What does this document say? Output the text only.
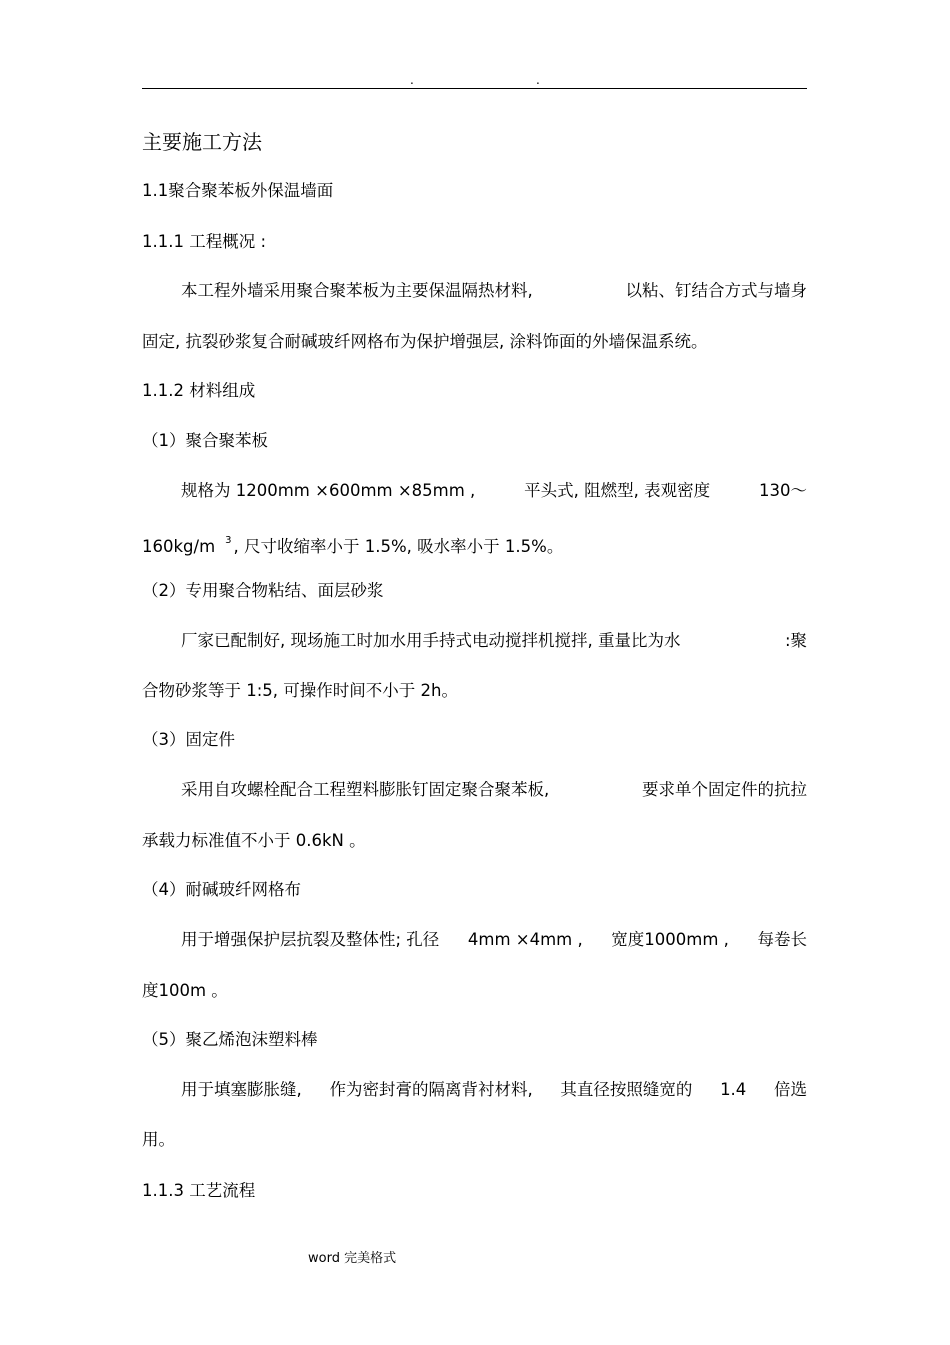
.	.
主要施工方法
1.1聚合聚苯板外保温墙面
1.1.1 工程概况 :
本工程外墙采用聚合聚苯板为主要保温隔热材料,	以粘、钉结合方式与墙身
固定, 抗裂砂浆复合耐碱玻纤网格布为保护增强层, 涂料饰面的外墙保温系统。
1.1.2 材料组成
（1）聚合聚苯板
规格为 1200mm ×600mm ×85mm ,	平头式, 阻燃型, 表观密度	130～
160kg/m $^3$ , 尺寸收缩率小于 1.5%, 吸水率小于 1.5%。
（2）专用聚合物粘结、面层砂浆
厂家已配制好, 现场施工时加水用手持式电动搅拌机搅拌, 重量比为水	:聚
合物砂浆等于 1:5, 可操作时间不小于 2h。
（3）固定件
采用自攻螺栓配合工程塑料膨胀钉固定聚合聚苯板,	要求单个固定件的抗拉
承载力标准值不小于 0.6kN 。
（4）耐碱玻纤网格布
用于增强保护层抗裂及整体性; 孔径 4mm ×4mm , 宽度1000mm , 每卷长
度100m 。
（5）聚乙烯泡沫塑料棒
用于填塞膨胀缝, 作为密封膏的隔离背衬材料, 其直径按照缝宽的 1.4 倍选
用。
1.1.3 工艺流程
word 完美格式
